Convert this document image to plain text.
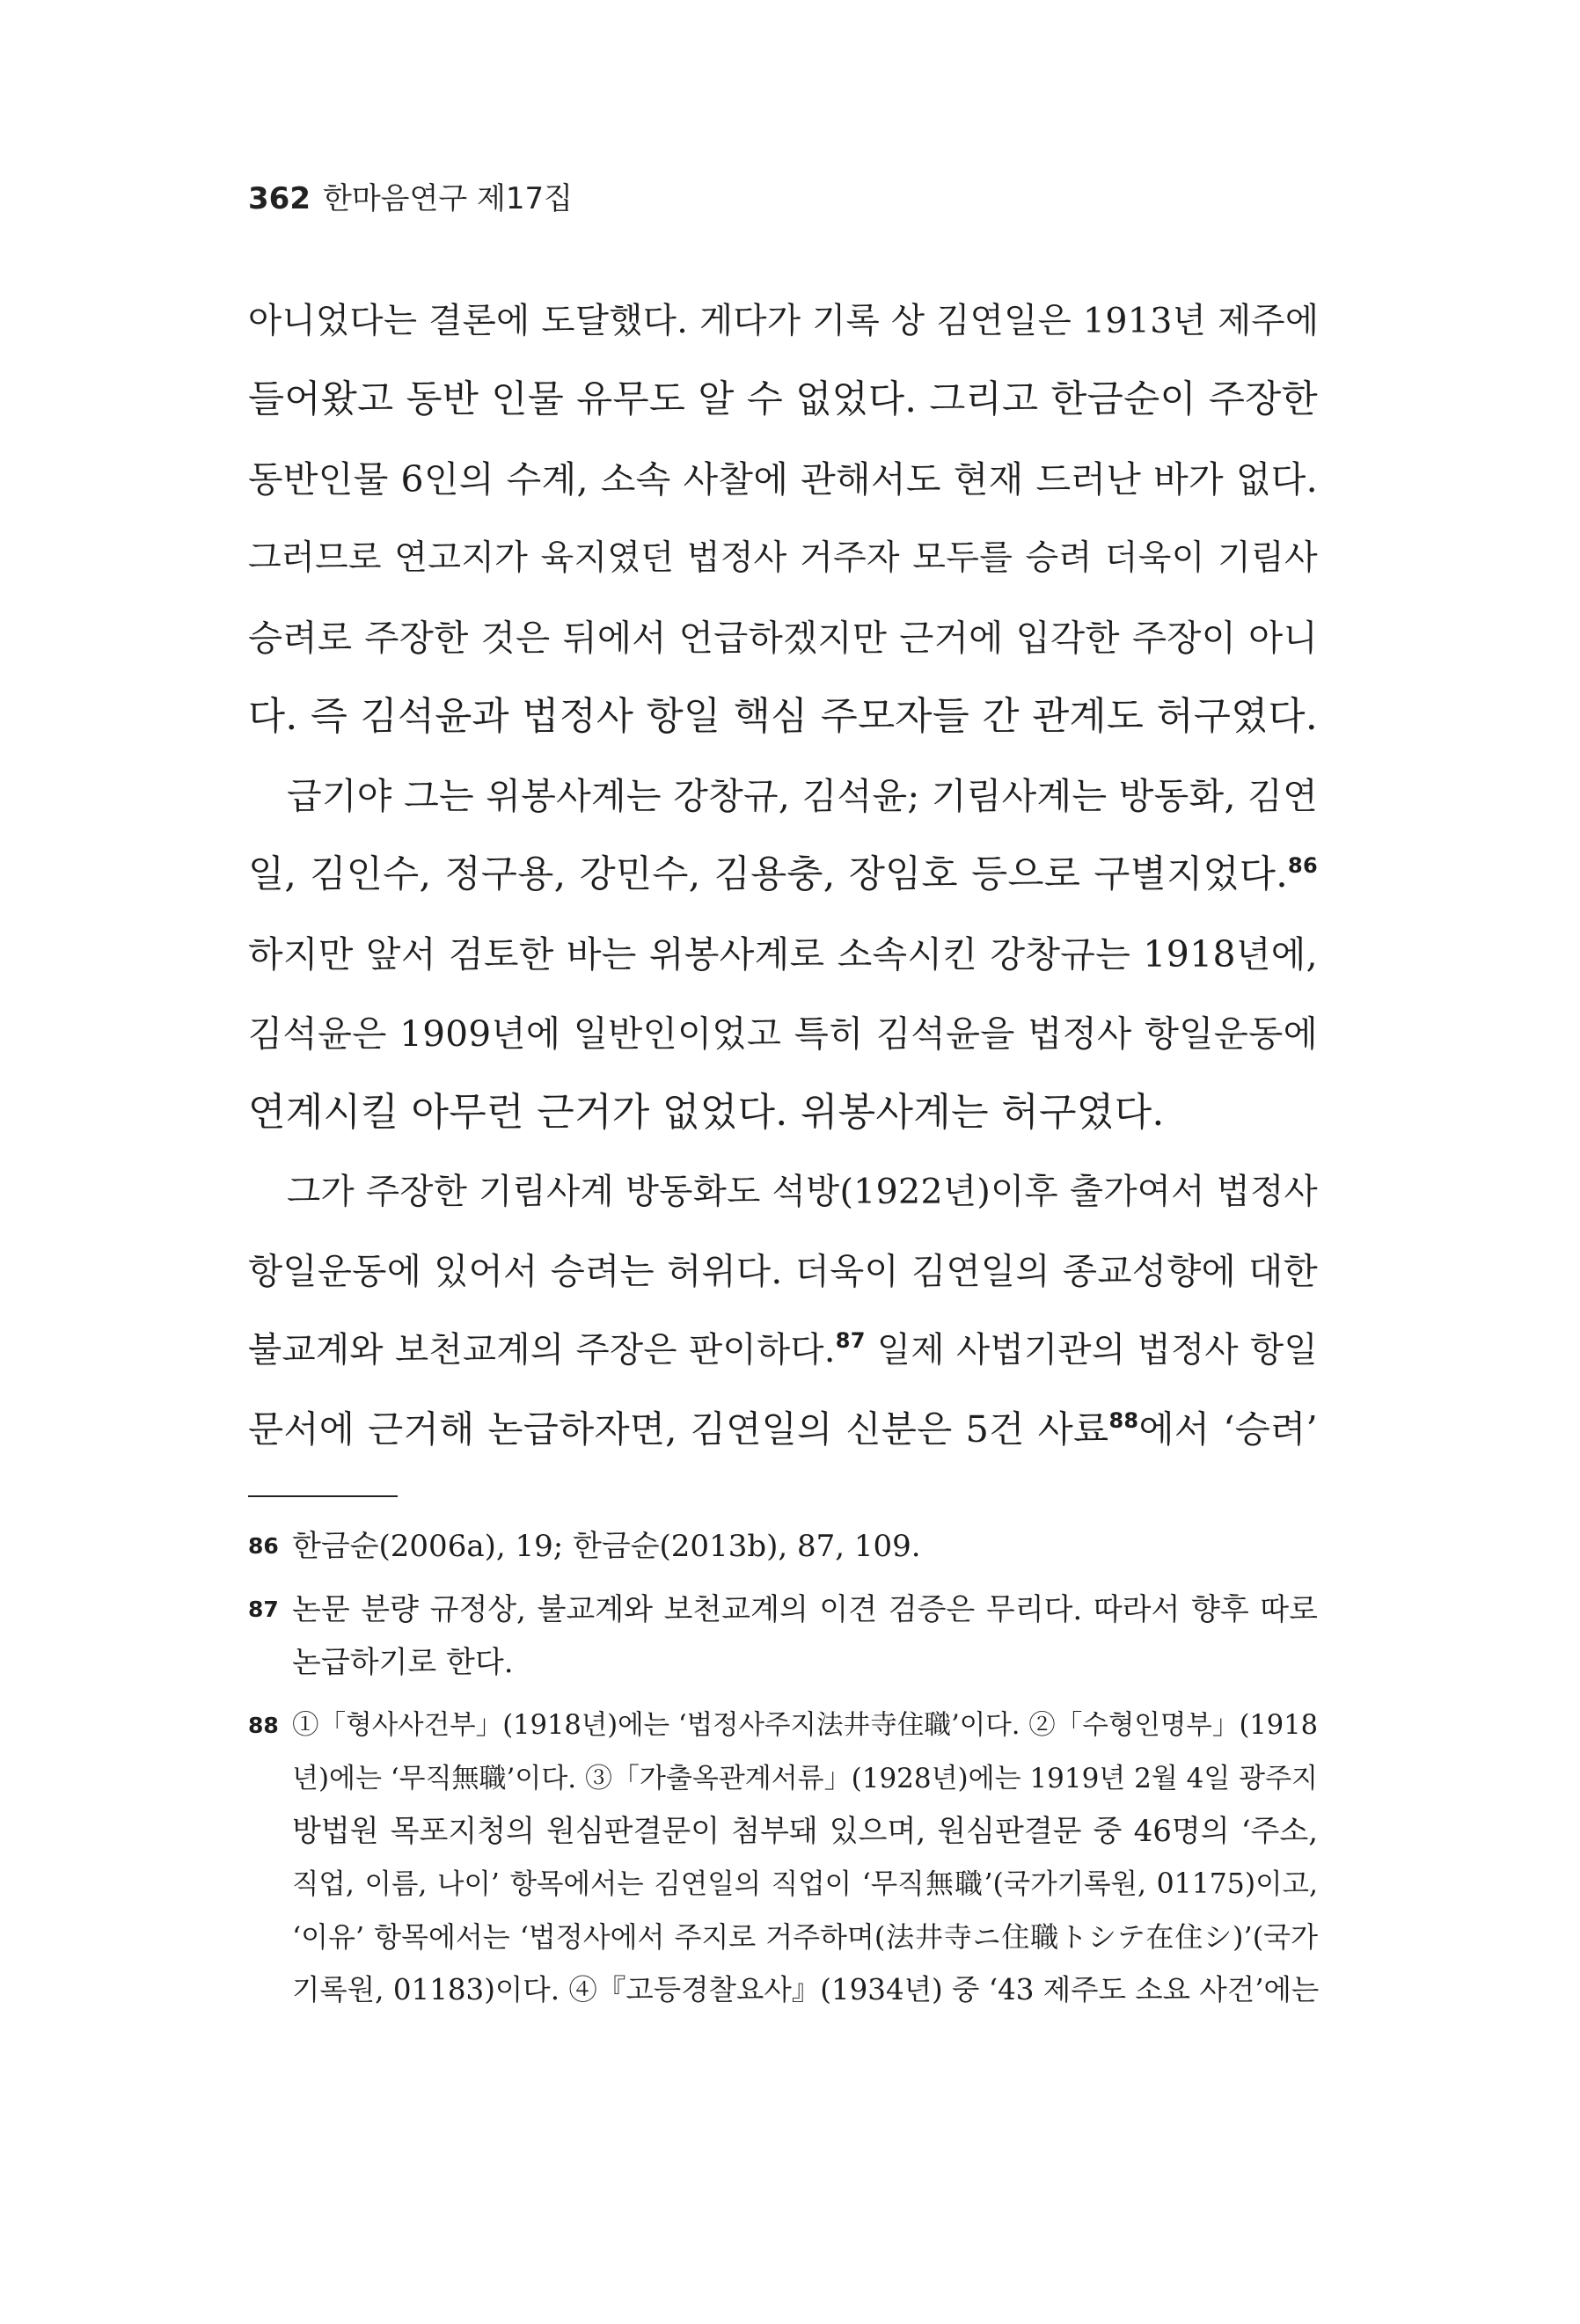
362 한마음연구 제17집
아니었다는 결론에 도달했다. 게다가 기록 상 김연일은 1913년 제주에
들어왔고 동반 인물 유무도 알 수 없었다. 그리고 한금순이 주장한
동반인물 6인의 수계, 소속 사찰에 관해서도 현재 드러난 바가 없다.
그러므로 연고지가 육지였던 법정사 거주자 모두를 승려 더욱이 기림사
승려로 주장한 것은 뒤에서 언급하겠지만 근거에 입각한 주장이 아니
다. 즉 김석윤과 법정사 항일 핵심 주모자들 간 관계도 허구였다.
급기야 그는 위봉사계는 강창규, 김석윤; 기림사계는 방동화, 김연
일, 김인수, 정구용, 강민수, 김용충, 장임호 등으로 구별지었다.$^{86}$
하지만 앞서 검토한 바는 위봉사계로 소속시킨 강창규는 1918년에,
김석윤은 1909년에 일반인이었고 특히 김석윤을 법정사 항일운동에
연계시킬 아무런 근거가 없었다. 위봉사계는 허구였다.
그가 주장한 기림사계 방동화도 석방(1922년)이후 출가여서 법정사
항일운동에 있어서 승려는 허위다. 더욱이 김연일의 종교성향에 대한
불교계와 보천교계의 주장은 판이하다.$^{87}$ 일제 사법기관의 법정사 항일
문서에 근거해 논급하자면, 김연일의 신분은 5건 사료$^{88}$에서 ‘승려’
86 한금순(2006a), 19; 한금순(2013b), 87, 109.
87 논문 분량 규정상, 불교계와 보천교계의 이견 검증은 무리다. 따라서 향후 따로
논급하기로 한다.
88 ①「형사사건부」(1918년)에는 ‘법정사주지法井寺住職’이다. ②「수형인명부」(1918
년)에는 ‘무직無職’이다. ③「가출옥관계서류」(1928년)에는 1919년 2월 4일 광주지
방법원 목포지청의 원심판결문이 첨부돼 있으며, 원심판결문 중 46명의 ‘주소,
직업, 이름, 나이’ 항목에서는 김연일의 직업이 ‘무직無職’(국가기록원, 01175)이고,
‘이유’ 항목에서는 ‘법정사에서 주지로 거주하며(法井寺ニ住職トシテ在住シ)’(국가
기록원, 01183)이다. ④『고등경찰요사』(1934년) 중 ‘43 제주도 소요 사건’에는
